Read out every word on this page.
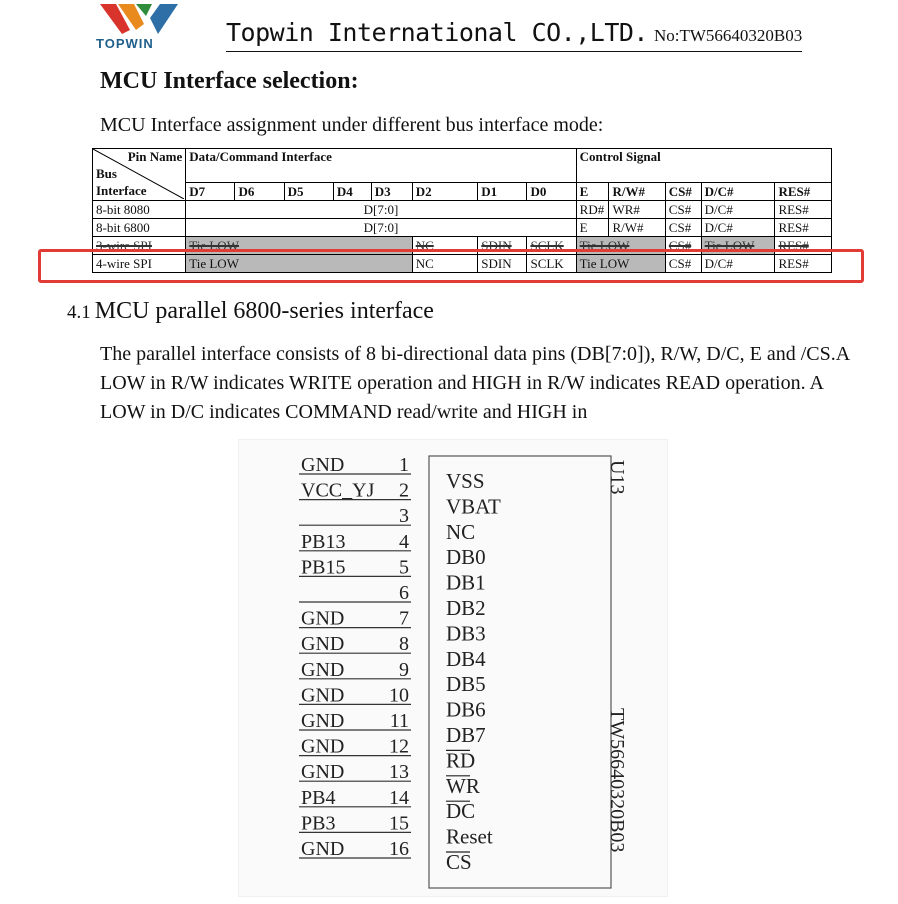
TOPWIN	Topwin International CO.,LTD. No:TW56640320B03
MCU Interface selection:
MCU Interface assignment under different bus interface mode:
Pin Name
Bus
Interface	Data/Command Interface								Control Signal				
	D7	D6	D5	D4	D3	D2	D1	D0	E	R/W#	CS#	D/C#	RES#
8-bit 8080	D[7:0]								RD#	WR#	CS#	D/C#	RES#
8-bit 6800	D[7:0]								E	R/W#	CS#	D/C#	RES#
3-wire SPI	Tie LOW					NC	SDIN	SCLK	Tie LOW		CS#	Tie LOW	RES#
4-wire SPI	Tie LOW					NC	SDIN	SCLK	Tie LOW		CS#	D/C#	RES#
4.1 MCU parallel 6800-series interface

The parallel interface consists of 8 bi-directional data pins (DB[7:0]), R/W, D/C, E and /CS.A LOW in R/W indicates WRITE operation and HIGH in R/W indicates READ operation. A LOW in D/C indicates COMMAND read/write and HIGH in

U13
TW56640320B03
1
GND
2
VCC_YJ
3
4
PB13
5
PB15
6
7
GND
8
GND
9
GND
10
GND
11
GND
12
GND
13
GND
14
PB4
15
PB3
16
GND
VSS
VBAT
NC
DB0
DB1
DB2
DB3
DB4
DB5
DB6
DB7
RD
WR
DC
Reset
CS
